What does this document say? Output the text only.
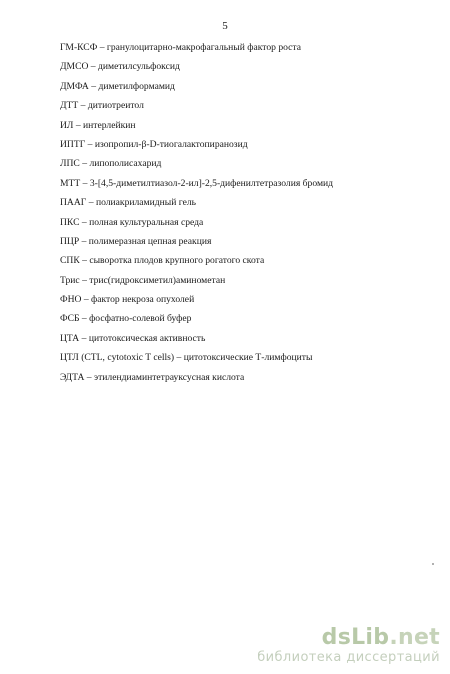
5
ГМ-КСФ – гранулоцитарно-макрофагальный фактор роста
ДМСО – диметилсульфоксид
ДМФА – диметилформамид
ДТТ – дитиотреитол
ИЛ – интерлейкин
ИПТГ – изопропил-β-D-тиогалактопиранозид
ЛПС – липополисахарид
МТТ – 3-[4,5-диметилтиазол-2-ил]-2,5-дифенилтетразолия бромид
ПААГ – полиакриламидный гель
ПКС – полная культуральная среда
ПЦР – полимеразная цепная реакция
СПК – сыворотка плодов крупного рогатого скота
Трис – трис(гидроксиметил)аминометан
ФНО – фактор некроза опухолей
ФСБ – фосфатно-солевой буфер
ЦТА – цитотоксическая активность
ЦТЛ (CTL, cytotoxic T cells) – цитотоксические Т-лимфоциты
ЭДТА – этилендиаминтетрауксусная кислота
dsLib.net
библиотека диссертаций
